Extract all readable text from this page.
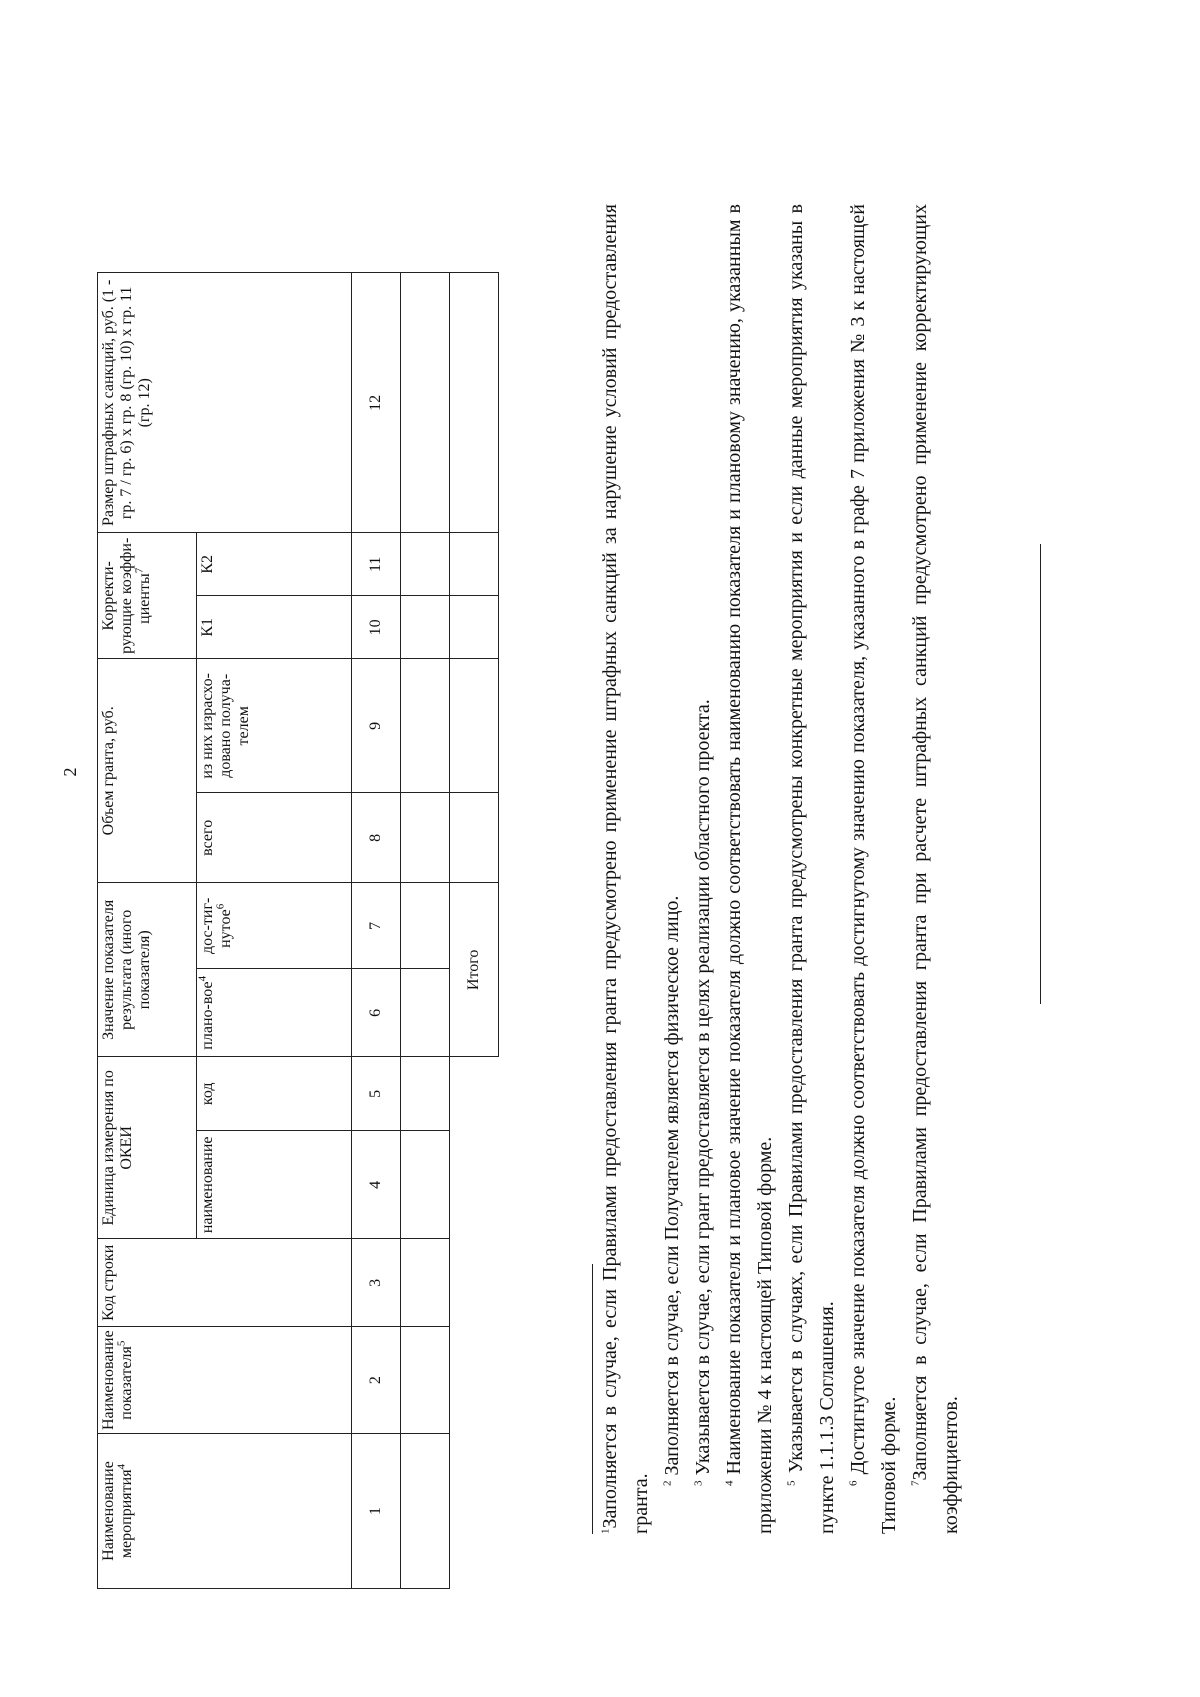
2
Наименование мероприятия$^4$	Наименование показателя$^5$	Код строки	Единица измерения по ОКЕИ		Значение показателя результата (иного показателя)		Объем гранта, руб.		Корректи-рующие коэффи-циенты$^7$		Размер штрафных санкций, руб. (1 - гр. 7 / гр. 6) x гр. 8 (гр. 10) x гр. 11 (гр. 12)
			наименование	код	плано-вое$^4$	дос-тиг-нутое$^6$	всего	из них израсхо-довано получа-телем	К1	К2	
1	2	3	4	5	6	7	8	9	10	11	12

					Итого						

$^1$Заполняется в случае, если Правилами предоставления гранта предусмотрено применение штрафных санкций за нарушение условий предоставления гранта. $^2$ Заполняется в случае, если Получателем является физическое лицо.

$^3$ Указывается в случае, если грант предоставляется в целях реализации областного проекта.

$^4$ Наименование показателя и плановое значение показателя должно соответствовать наименованию показателя и плановому значению, указанным в приложении № 4 к настоящей Типовой форме. $^5$ Указывается в случаях, если Правилами предоставления гранта предусмотрены конкретные мероприятия и если данные мероприятия указаны в пункте 1.1.1.3 Соглашения. $^6$ Достигнутое значение показателя должно соответствовать достигнутому значению показателя, указанного в графе 7 приложения № 3 к настоящей Типовой форме. $^7$Заполняется в случае, если Правилами предоставления гранта при расчете штрафных санкций предусмотрено применение корректирующих коэффициентов.
